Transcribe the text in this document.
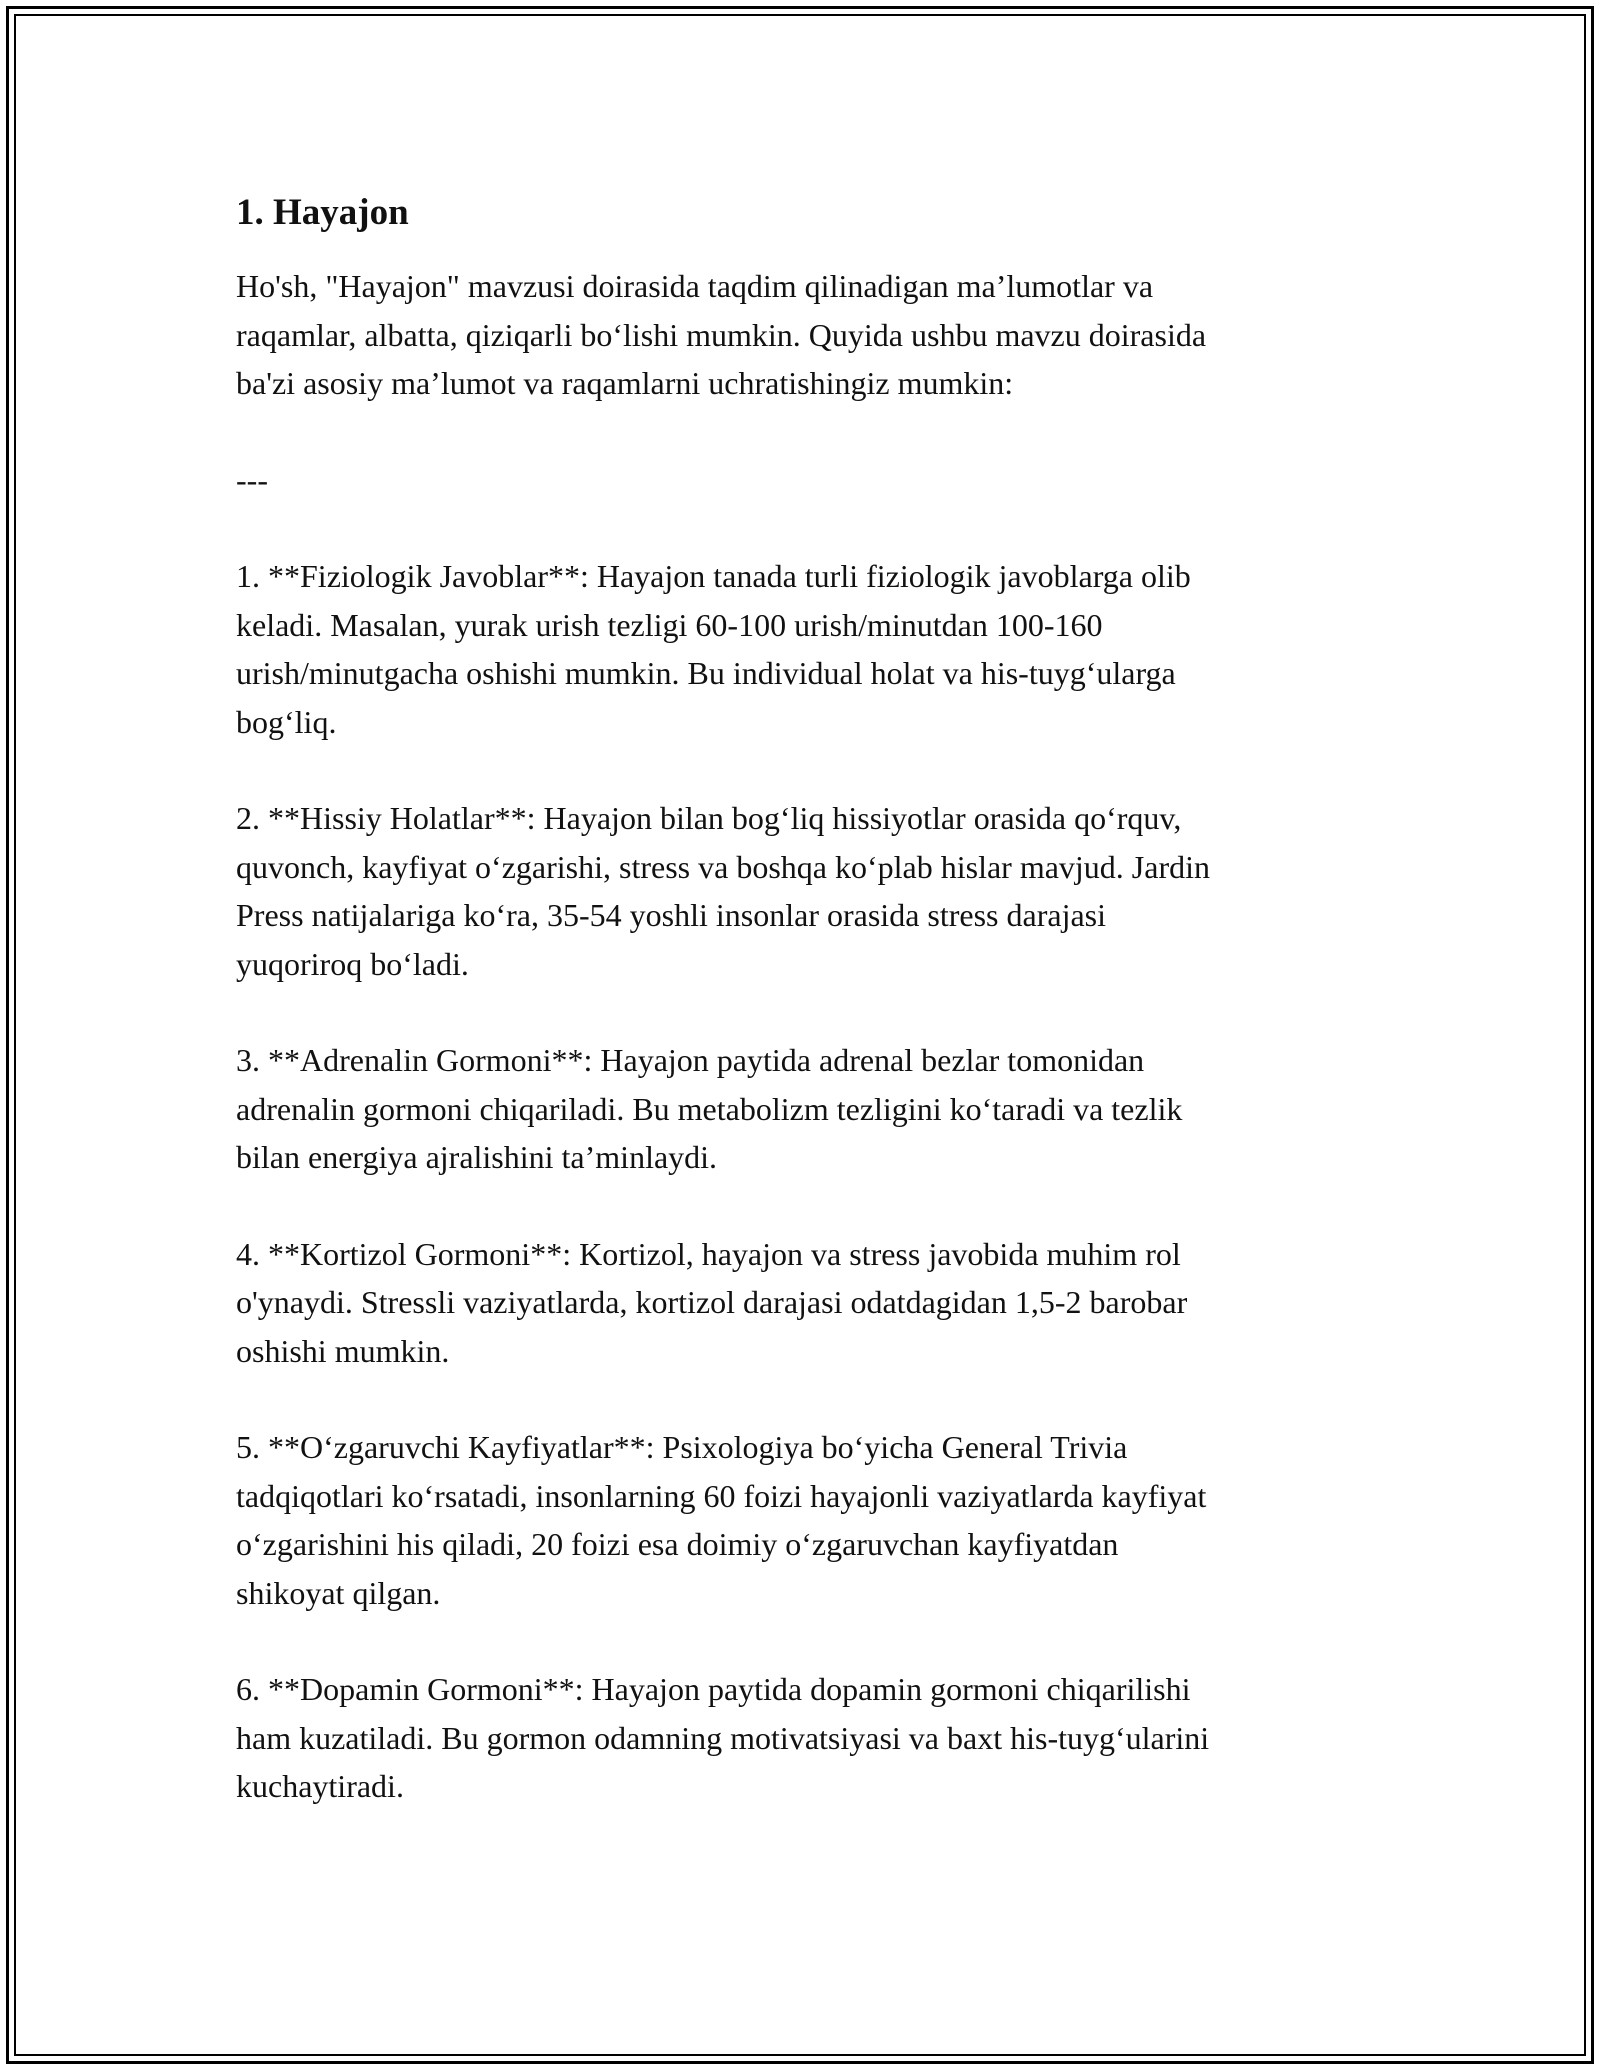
1. Hayajon

Ho'sh, "Hayajon" mavzusi doirasida taqdim qilinadigan ma’lumotlar va
raqamlar, albatta, qiziqarli bo‘lishi mumkin. Quyida ushbu mavzu doirasida
ba'zi asosiy ma’lumot va raqamlarni uchratishingiz mumkin:

---

1. **Fiziologik Javoblar**: Hayajon tanada turli fiziologik javoblarga olib
keladi. Masalan, yurak urish tezligi 60-100 urish/minutdan 100-160
urish/minutgacha oshishi mumkin. Bu individual holat va his-tuyg‘ularga
bog‘liq.

2. **Hissiy Holatlar**: Hayajon bilan bog‘liq hissiyotlar orasida qo‘rquv,
quvonch, kayfiyat o‘zgarishi, stress va boshqa ko‘plab hislar mavjud. Jardin
Press natijalariga ko‘ra, 35-54 yoshli insonlar orasida stress darajasi
yuqoriroq bo‘ladi.

3. **Adrenalin Gormoni**: Hayajon paytida adrenal bezlar tomonidan
adrenalin gormoni chiqariladi. Bu metabolizm tezligini ko‘taradi va tezlik
bilan energiya ajralishini ta’minlaydi.

4. **Kortizol Gormoni**: Kortizol, hayajon va stress javobida muhim rol
o'ynaydi. Stressli vaziyatlarda, kortizol darajasi odatdagidan 1,5-2 barobar
oshishi mumkin.

5. **O‘zgaruvchi Kayfiyatlar**: Psixologiya bo‘yicha General Trivia
tadqiqotlari ko‘rsatadi, insonlarning 60 foizi hayajonli vaziyatlarda kayfiyat
o‘zgarishini his qiladi, 20 foizi esa doimiy o‘zgaruvchan kayfiyatdan
shikoyat qilgan.

6. **Dopamin Gormoni**: Hayajon paytida dopamin gormoni chiqarilishi
ham kuzatiladi. Bu gormon odamning motivatsiyasi va baxt his-tuyg‘ularini
kuchaytiradi.
